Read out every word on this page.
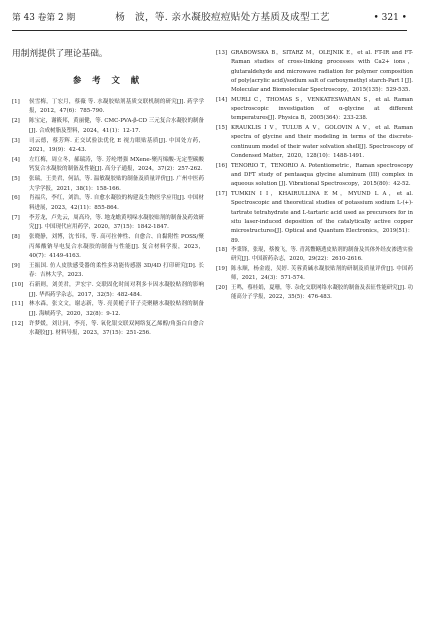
第 43 卷第 2 期	杨　波，等. 亲水凝胶痘痘贴处方基质及成型工艺	• 321 •

用制剂提供了理论基础。

参 考 文 献
[1]	侯雪梅，丁宏月，蔡薇 等. 水凝胶贴剂基质交联机制的研究[J]. 药学学报，2012，47(6)：785-790.
[2]	陈宝定，谢筱邦，黄丽健，等. CMC-PVA-β-CD 三元复合水凝胶的制备[J]. 合成树脂及塑料，2024，41(1)：12-17.
[3]	司云德，蔡芳辉. 正交试验法优化 E 视力眼贴基质[J]. 中国处方药，2021，19(9)：42-43.
[4]	左红梅，周立冬，郝瑞涛，等. 芳纶增强 MXene-聚丙烯酸-无定型碳酸钙复合水凝胶的制备及性能[J]. 高分子通报，2024，37(2)：257-262.
[5]	张瑞，王美君，何喆，等. 温敏凝胶贴的制备及质量评价[J]. 广州中医药大学学报，2021，38(1)：158-166.
[6]	肖福兵，李红，刘浩，等. 自愈水凝胶的构建及生物医学应用[J]. 中国材料进展，2023，42(11)：855-864.
[7]	李芳龙，卢先云，周高玲，等. 地龙蟾黄吲哚水凝胶贴剂的制备及药效研究[J]. 中国现代应用药学，2020，37(15)：1842-1847.
[8]	张晓静，刘博，沈书玮，等. 高可拉伸性、自愈合、自黏附性 POSS/聚丙烯酸钠导电复合水凝胶的制备与性能[J]. 复合材料学报，2023，40(7)：4149-4163.
[9]	王振国. 仿人皮肤感受器的柔性多功能传感器 3D/4D 打印研究[D]. 长春：吉林大学，2023.
[10]	石新则，刘美君，尹宏宇. 交联固化时间对利多卡因水凝胶贴剂的影响[J]. 华西药学杂志，2017，32(5)：482-484.
[11]	林水森，张文文，谢志新，等. 亮黄栀子苷子壳聚糖水凝胶贴剂的制备[J]. 海峡药学，2020，32(8)：9-12.
[12]	许梦媛，刘让同，李亮，等. 氧化银交联双网络复乙烯醇/角蛋白自愈合水凝胶[J]. 材料导报，2023，37(15)：251-256.
[13] GRABOWSKA B，SITARZ M，OLEJNIK E，et al. FT-IR and FT-Raman studies of cross-linking processes with Ca2+ ions，glutaraldehyde and microwave radiation for polymer composition of poly(acrylic acid)/sodium salt of carboxymethyl starch-Part I [J]. Molecular and Biomolecular Spectroscopy，2015(135)：529-535.
[14] MURLI C，THOMAS S，VENKATESWARAN S，et al. Raman spectroscopic investigation of α-glycine at different temperatures[J]. Physica B，2005(364)：233-238.
[15] KRAUKLIS I V，TULUB A V，GOLOVIN A V，et al. Raman spectra of glycine and their modeling in terms of the discrete-continuum model of their water solvation shell[J]. Spectroscopy of Condensed Matter，2020，128(10)：1488-1491.
[16] TENORIO T，TENORIO A. Potentiometric，Raman spectroscopy and DFT study of pentaaqua glycine aluminum (III) complex in aqueous solution [J]. Vibrational Spectroscopy，2015(80)：42-52.
[17] TUMKIN I I，KHAIRULLINA E M，MYUND L A，et al. Spectroscopic and theoretical studies of potassium sodium L-(+)-tartrate tetrahydrate and L-tartaric acid used as precursors for in situ laser-induced deposition of the catalytically active copper microstructures[J]. Optical and Quantum Electronics，2019(51)：89.
[18] 李秉锋，张琨，蔡俊飞，等. 青蒿鳖鳝透皮贴剂的制备及其体外经皮渗透实验研究[J]. 中国新药杂志，2020，29(22)：2610-2616.
[19] 陈永顺，杨金霞，吴婷. 芙蓉黄碱水凝胶贴剂的研制及质量评价[J]. 中国药师，2021，24(3)：571-574.
[20] 王鸣，蔡桂娟，夏珊，等. 杂化交联网络水凝胶的制备及表征性能研究[J]. 功能高分子学报，2022，35(5)：476-483.
